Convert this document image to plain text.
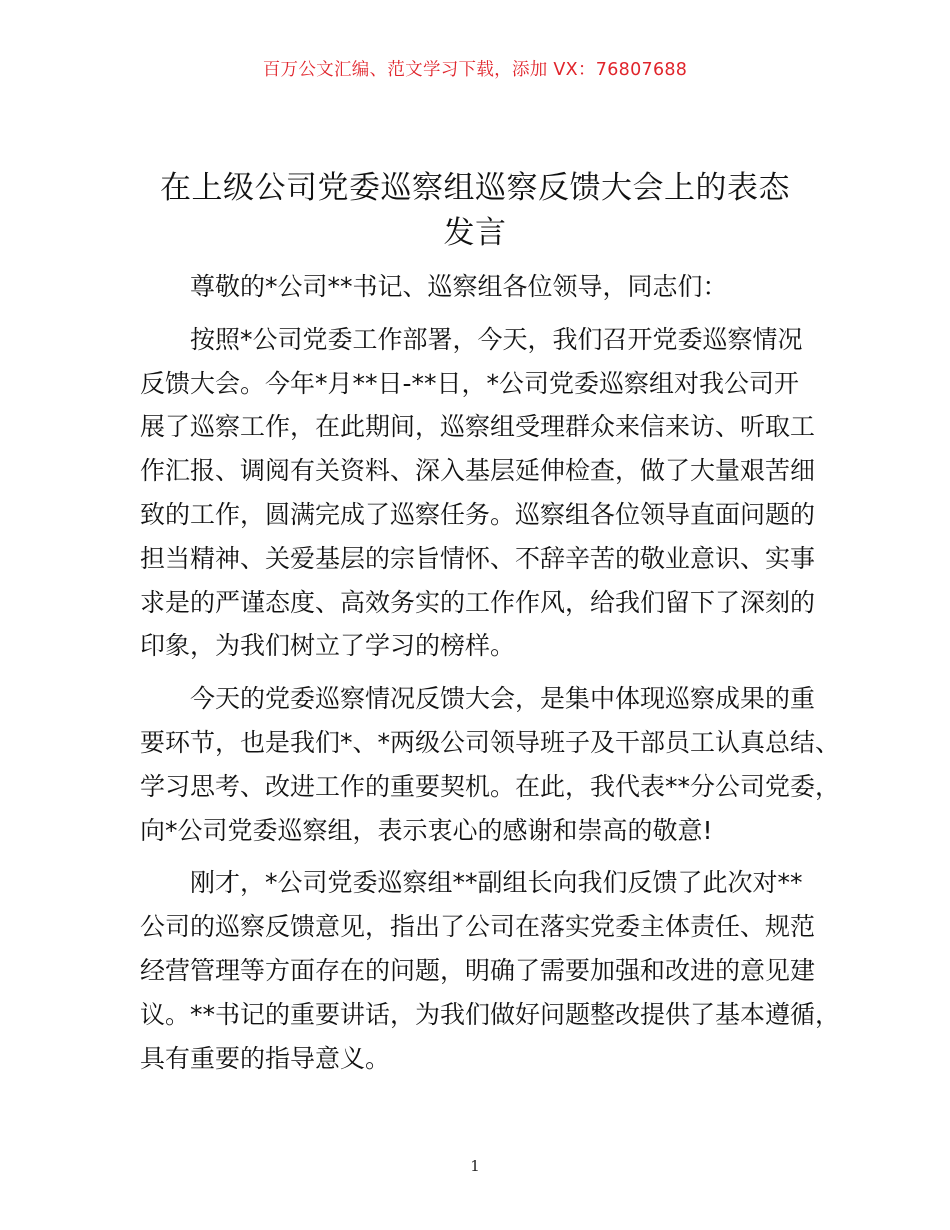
百万公文汇编、范文学习下载，添加 VX：76807688
在上级公司党委巡察组巡察反馈大会上的表态
发言

尊敬的*公司**书记、巡察组各位领导，同志们：

按照*公司党委工作部署，今天，我们召开党委巡察情况
反馈大会。今年*月**日-**日，*公司党委巡察组对我公司开
展了巡察工作，在此期间，巡察组受理群众来信来访、听取工
作汇报、调阅有关资料、深入基层延伸检查，做了大量艰苦细
致的工作，圆满完成了巡察任务。巡察组各位领导直面问题的
担当精神、关爱基层的宗旨情怀、不辞辛苦的敬业意识、实事
求是的严谨态度、高效务实的工作作风，给我们留下了深刻的
印象，为我们树立了学习的榜样。

今天的党委巡察情况反馈大会，是集中体现巡察成果的重
要环节，也是我们*、*两级公司领导班子及干部员工认真总结、
学习思考、改进工作的重要契机。在此，我代表**分公司党委，
向*公司党委巡察组，表示衷心的感谢和崇高的敬意!

刚才，*公司党委巡察组**副组长向我们反馈了此次对**
公司的巡察反馈意见，指出了公司在落实党委主体责任、规范
经营管理等方面存在的问题，明确了需要加强和改进的意见建
议。**书记的重要讲话，为我们做好问题整改提供了基本遵循，
具有重要的指导意义。

1
